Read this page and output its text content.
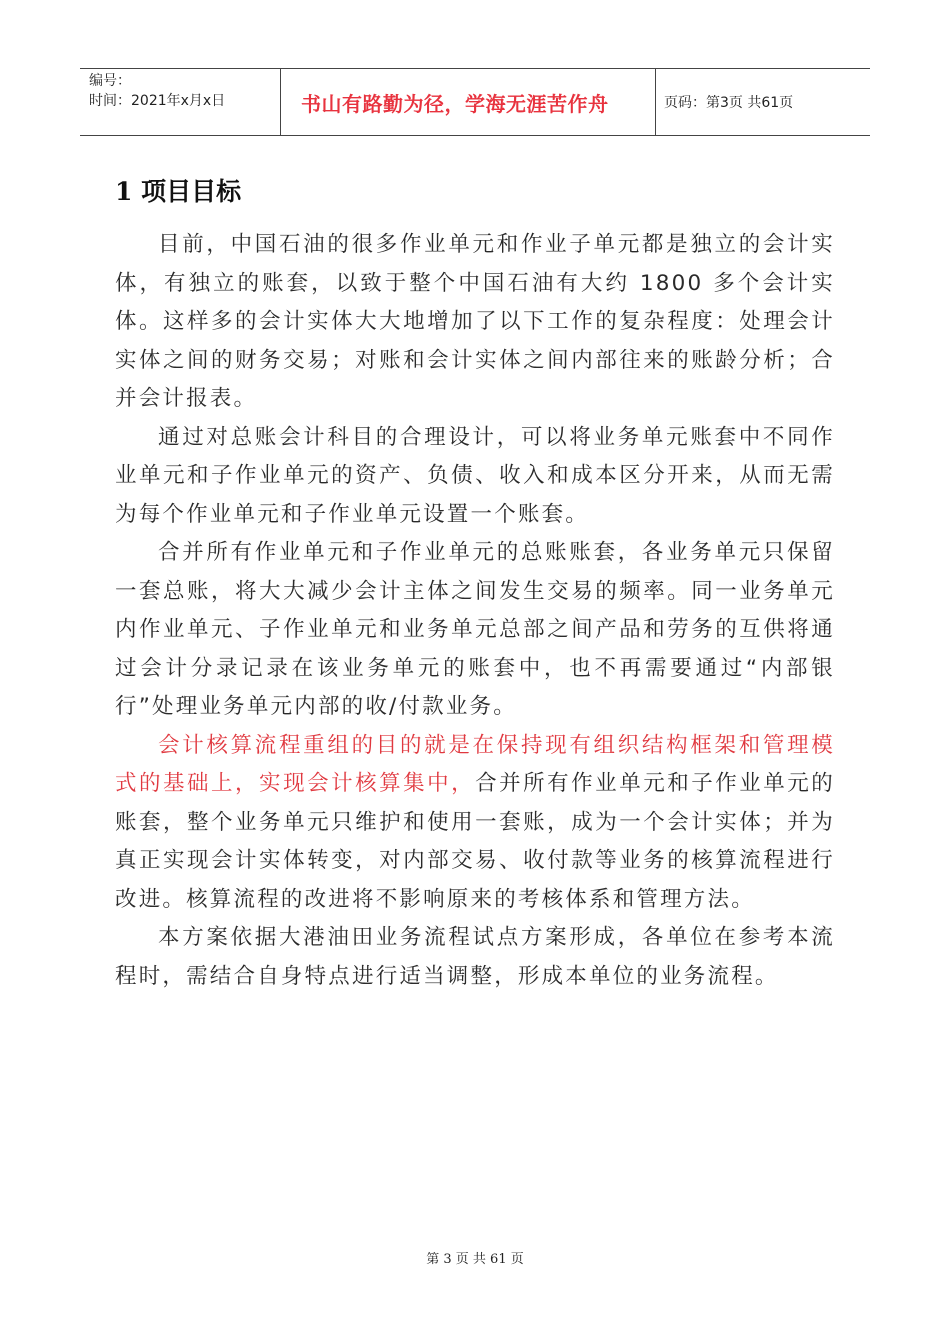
编号：
时间：2021年x月x日	书山有路勤为径，学海无涯苦作舟	页码：第3页 共61页
1 项目目标

目前，中国石油的很多作业单元和作业子单元都是独立的会计实体，有独立的账套，以致于整个中国石油有大约 1800 多个会计实体。这样多的会计实体大大地增加了以下工作的复杂程度：处理会计实体之间的财务交易；对账和会计实体之间内部往来的账龄分析；合并会计报表。

通过对总账会计科目的合理设计，可以将业务单元账套中不同作业单元和子作业单元的资产、负债、收入和成本区分开来，从而无需为每个作业单元和子作业单元设置一个账套。

合并所有作业单元和子作业单元的总账账套，各业务单元只保留一套总账，将大大减少会计主体之间发生交易的频率。同一业务单元内作业单元、子作业单元和业务单元总部之间产品和劳务的互供将通过会计分录记录在该业务单元的账套中，也不再需要通过“内部银行”处理业务单元内部的收/付款业务。

会计核算流程重组的目的就是在保持现有组织结构框架和管理模式的基础上，实现会计核算集中，合并所有作业单元和子作业单元的账套，整个业务单元只维护和使用一套账，成为一个会计实体；并为真正实现会计实体转变，对内部交易、收付款等业务的核算流程进行改进。核算流程的改进将不影响原来的考核体系和管理方法。

本方案依据大港油田业务流程试点方案形成，各单位在参考本流程时，需结合自身特点进行适当调整，形成本单位的业务流程。

第 3 页 共 61 页
